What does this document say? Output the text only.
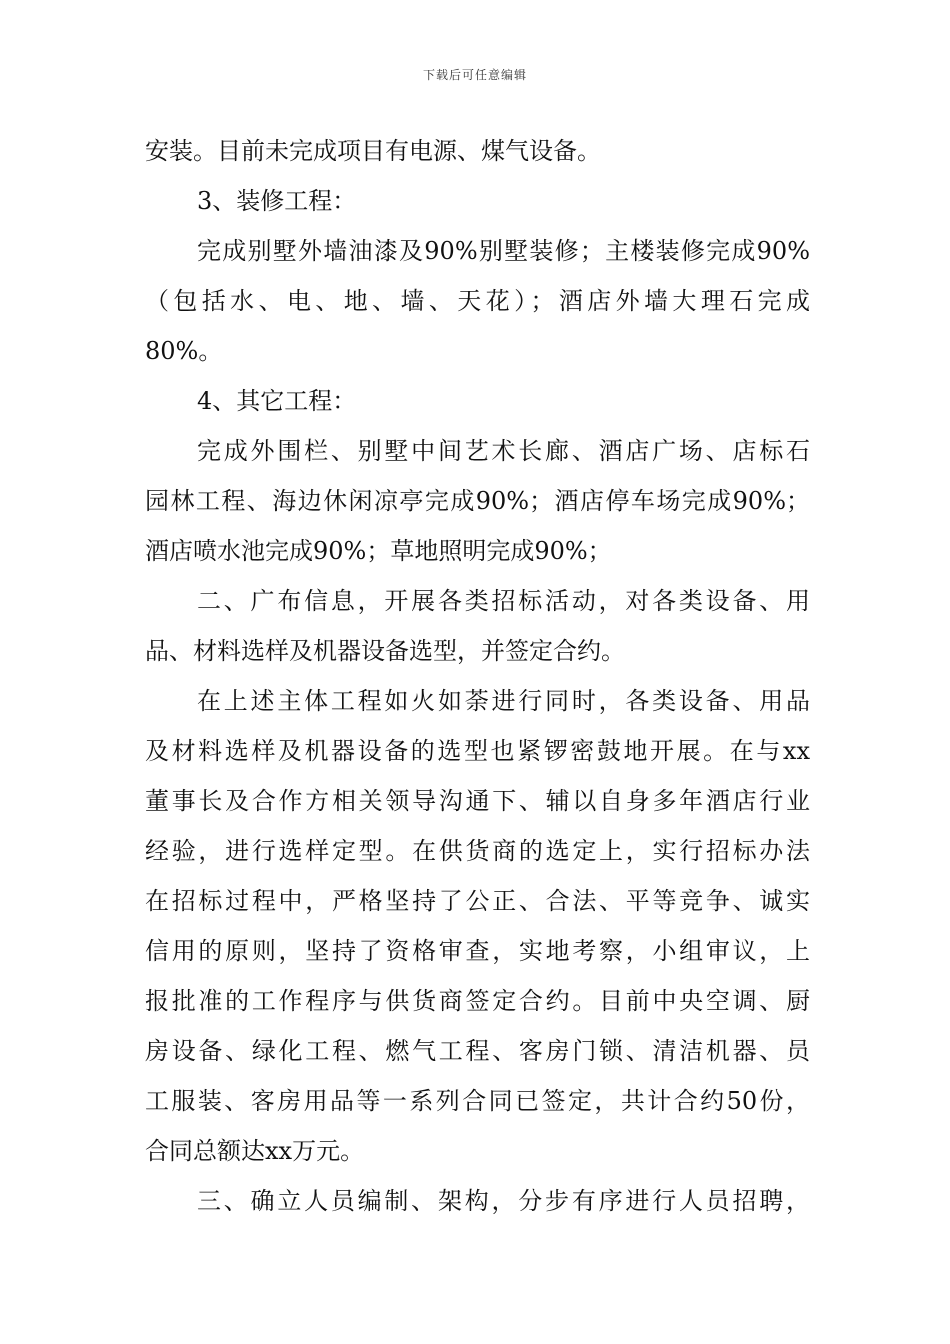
下载后可任意编辑
安装。目前未完成项目有电源、煤气设备。
3、装修工程：
完成别墅外墙油漆及90%别墅装修；主楼装修完成90%
（包括水、电、地、墙、天花）；酒店外墙大理石完成
80%。
4、其它工程：
完成外围栏、别墅中间艺术长廊、酒店广场、店标石
园林工程、海边休闲凉亭完成90%；酒店停车场完成90%；
酒店喷水池完成90%；草地照明完成90%；
二、广布信息，开展各类招标活动，对各类设备、用
品、材料选样及机器设备选型，并签定合约。
在上述主体工程如火如荼进行同时，各类设备、用品
及材料选样及机器设备的选型也紧锣密鼓地开展。在与xx
董事长及合作方相关领导沟通下、辅以自身多年酒店行业
经验，进行选样定型。在供货商的选定上，实行招标办法
在招标过程中，严格坚持了公正、合法、平等竞争、诚实
信用的原则，坚持了资格审查，实地考察，小组审议，上
报批准的工作程序与供货商签定合约。目前中央空调、厨
房设备、绿化工程、燃气工程、客房门锁、清洁机器、员
工服装、客房用品等一系列合同已签定，共计合约50份，
合同总额达xx万元。
三、确立人员编制、架构，分步有序进行人员招聘，
